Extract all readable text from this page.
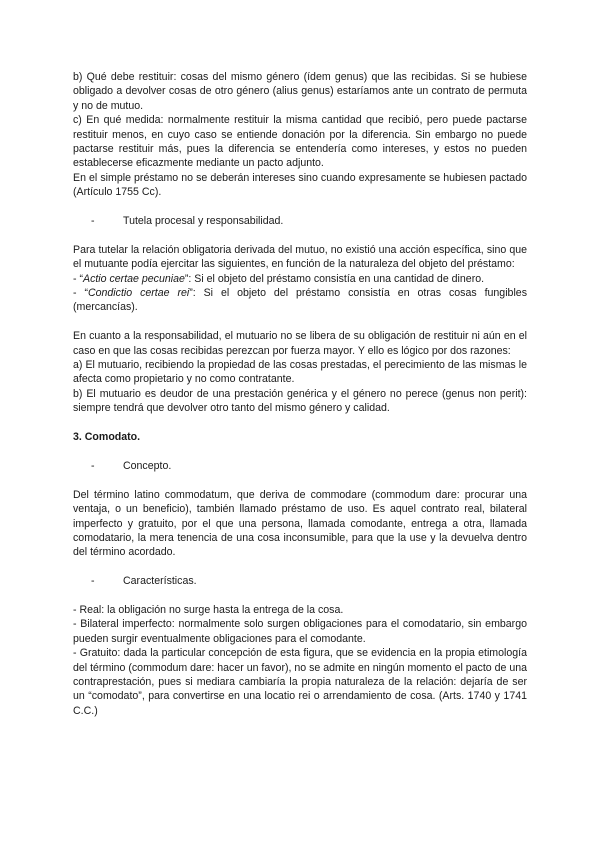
b) Qué debe restituir: cosas del mismo género (ídem genus) que las recibidas. Si se hubiese obligado a devolver cosas de otro género (alius genus) estaríamos ante un contrato de permuta y no de mutuo.

c) En qué medida: normalmente restituir la misma cantidad que recibió, pero puede pactarse restituir menos, en cuyo caso se entiende donación por la diferencia. Sin embargo no puede pactarse restituir más, pues la diferencia se entendería como intereses, y estos no pueden establecerse eficazmente mediante un pacto adjunto.

En el simple préstamo no se deberán intereses sino cuando expresamente se hubiesen pactado (Artículo 1755 Cc).

-	Tutela procesal y responsabilidad.

Para tutelar la relación obligatoria derivada del mutuo, no existió una acción específica, sino que el mutuante podía ejercitar las siguientes, en función de la naturaleza del objeto del préstamo:

- “Actio certae pecuniae”: Si el objeto del préstamo consistía en una cantidad de dinero.

- “Condictio certae rei”: Si el objeto del préstamo consistía en otras cosas fungibles (mercancías).

En cuanto a la responsabilidad, el mutuario no se libera de su obligación de restituir ni aún en el caso en que las cosas recibidas perezcan por fuerza mayor. Y ello es lógico por dos razones:

a) El mutuario, recibiendo la propiedad de las cosas prestadas, el perecimiento de las mismas le afecta como propietario y no como contratante.

b) El mutuario es deudor de una prestación genérica y el género no perece (genus non perit): siempre tendrá que devolver otro tanto del mismo género y calidad.

3. Comodato.

-	Concepto.

Del término latino commodatum, que deriva de commodare (commodum dare: procurar una ventaja, o un beneficio), también llamado préstamo de uso. Es aquel contrato real, bilateral imperfecto y gratuito, por el que una persona, llamada comodante, entrega a otra, llamada comodatario, la mera tenencia de una cosa inconsumible, para que la use y la devuelva dentro del término acordado.

-	Características.

- Real: la obligación no surge hasta la entrega de la cosa.

- Bilateral imperfecto: normalmente solo surgen obligaciones para el comodatario, sin embargo pueden surgir eventualmente obligaciones para el comodante.

- Gratuito: dada la particular concepción de esta figura, que se evidencia en la propia etimología del término (commodum dare: hacer un favor), no se admite en ningún momento el pacto de una contraprestación, pues si mediara cambiaría la propia naturaleza de la relación: dejaría de ser un “comodato”, para convertirse en una locatio rei o arrendamiento de cosa. (Arts. 1740 y 1741 C.C.)
